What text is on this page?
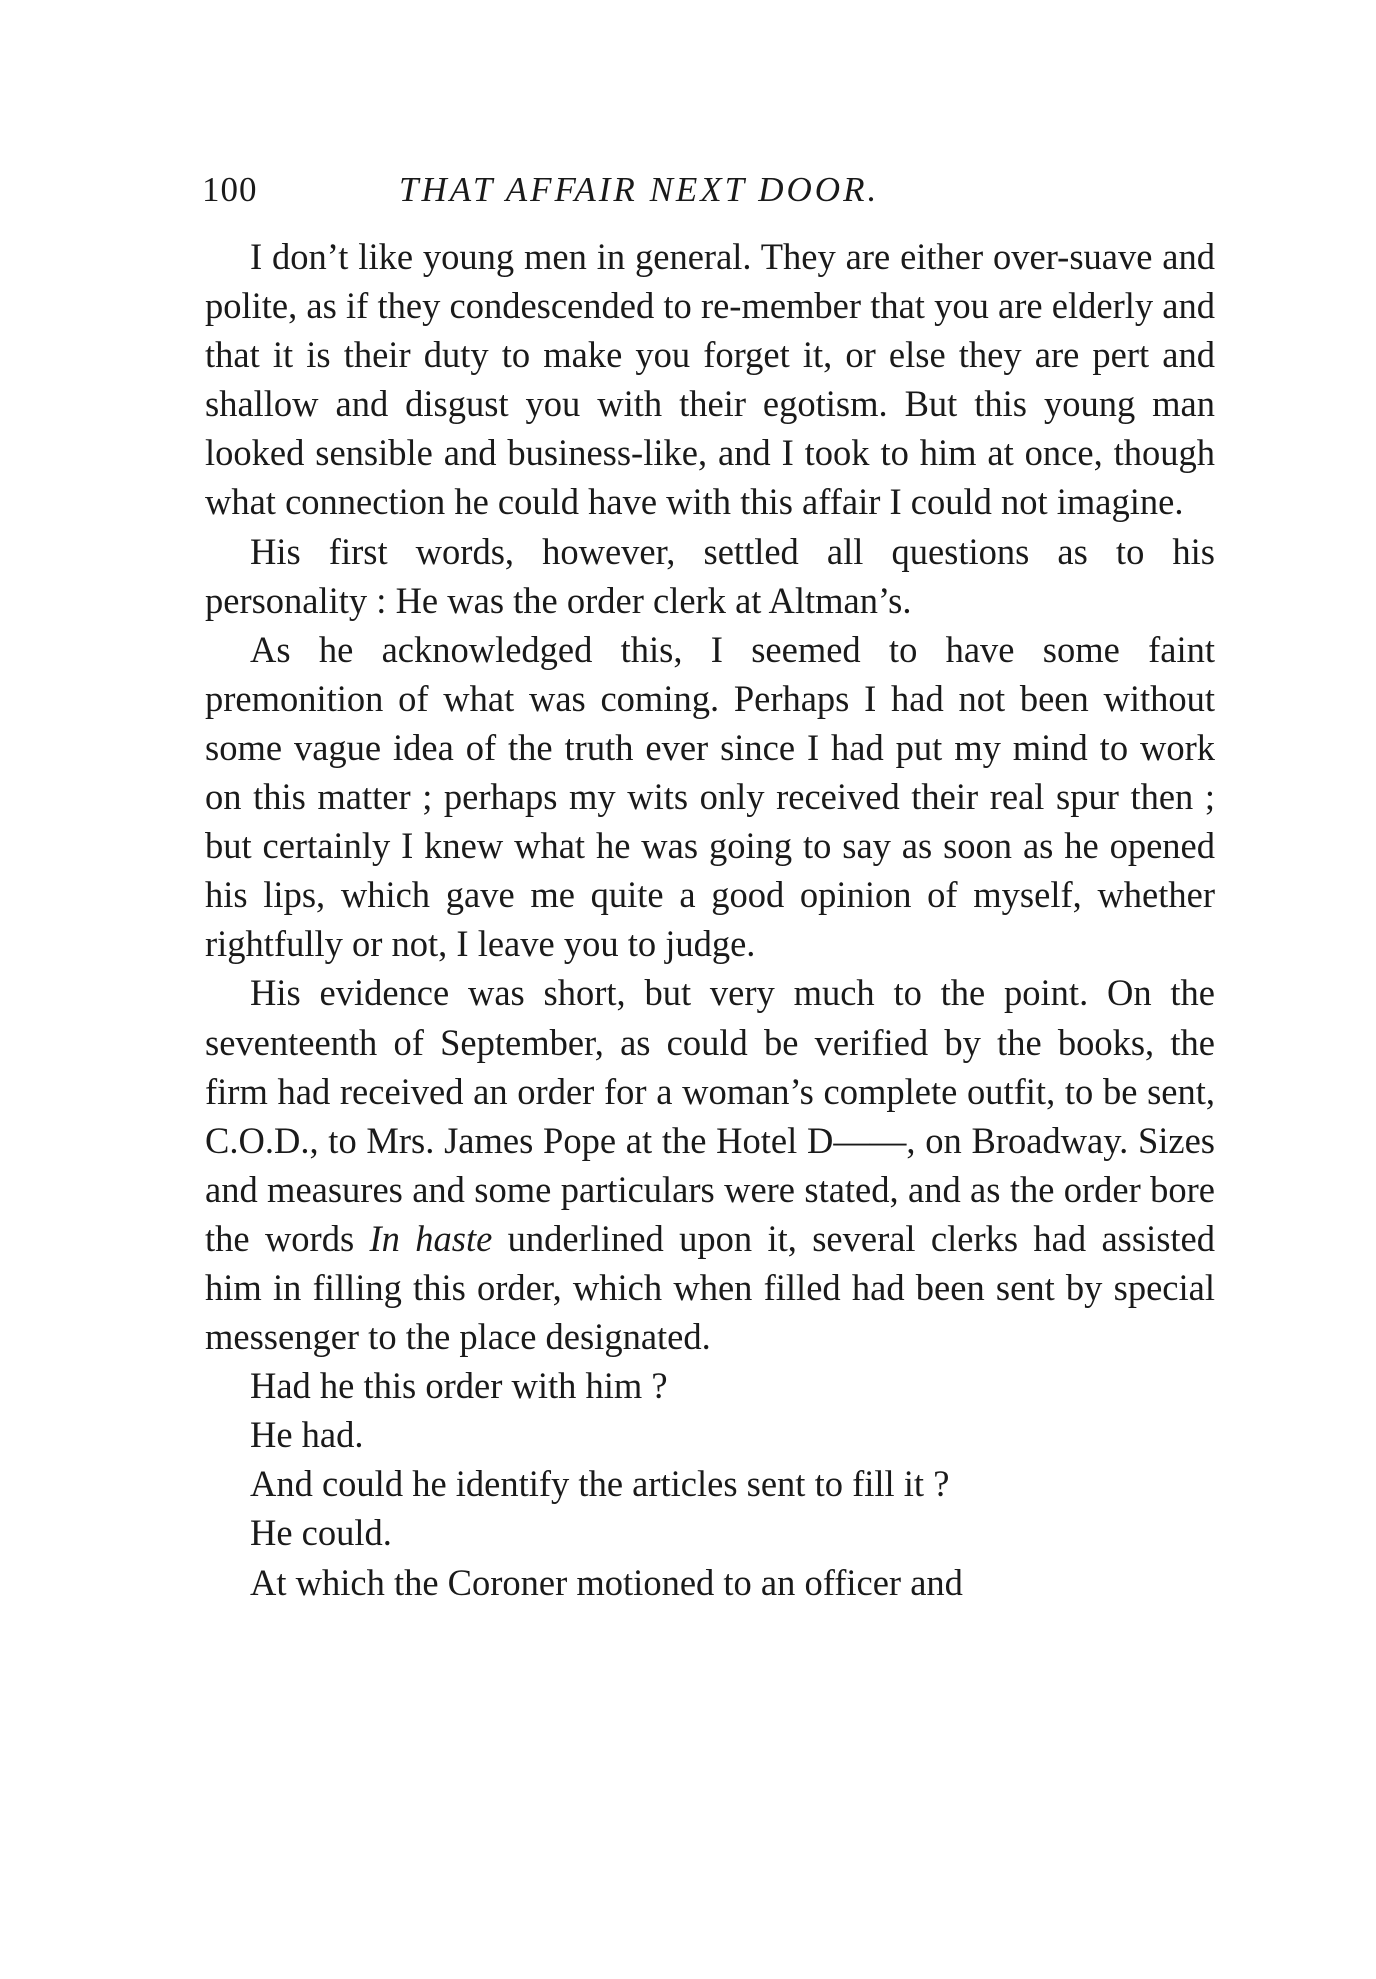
100	THAT AFFAIR NEXT DOOR.

I don’t like young men in general. They are either over-suave and polite, as if they condescended to re-member that you are elderly and that it is their duty to make you forget it, or else they are pert and shallow and disgust you with their egotism. But this young man looked sensible and business-like, and I took to him at once, though what connection he could have with this affair I could not imagine.

His first words, however, settled all questions as to his personality : He was the order clerk at Altman’s.

As he acknowledged this, I seemed to have some faint premonition of what was coming. Perhaps I had not been without some vague idea of the truth ever since I had put my mind to work on this matter ; perhaps my wits only received their real spur then ; but certainly I knew what he was going to say as soon as he opened his lips, which gave me quite a good opinion of myself, whether rightfully or not, I leave you to judge.

His evidence was short, but very much to the point. On the seventeenth of September, as could be verified by the books, the firm had received an order for a woman’s complete outfit, to be sent, C.O.D., to Mrs. James Pope at the Hotel D——, on Broadway. Sizes and measures and some particulars were stated, and as the order bore the words In haste underlined upon it, several clerks had assisted him in filling this order, which when filled had been sent by special messenger to the place designated.

Had he this order with him ?

He had.

And could he identify the articles sent to fill it ?

He could.

At which the Coroner motioned to an officer and
